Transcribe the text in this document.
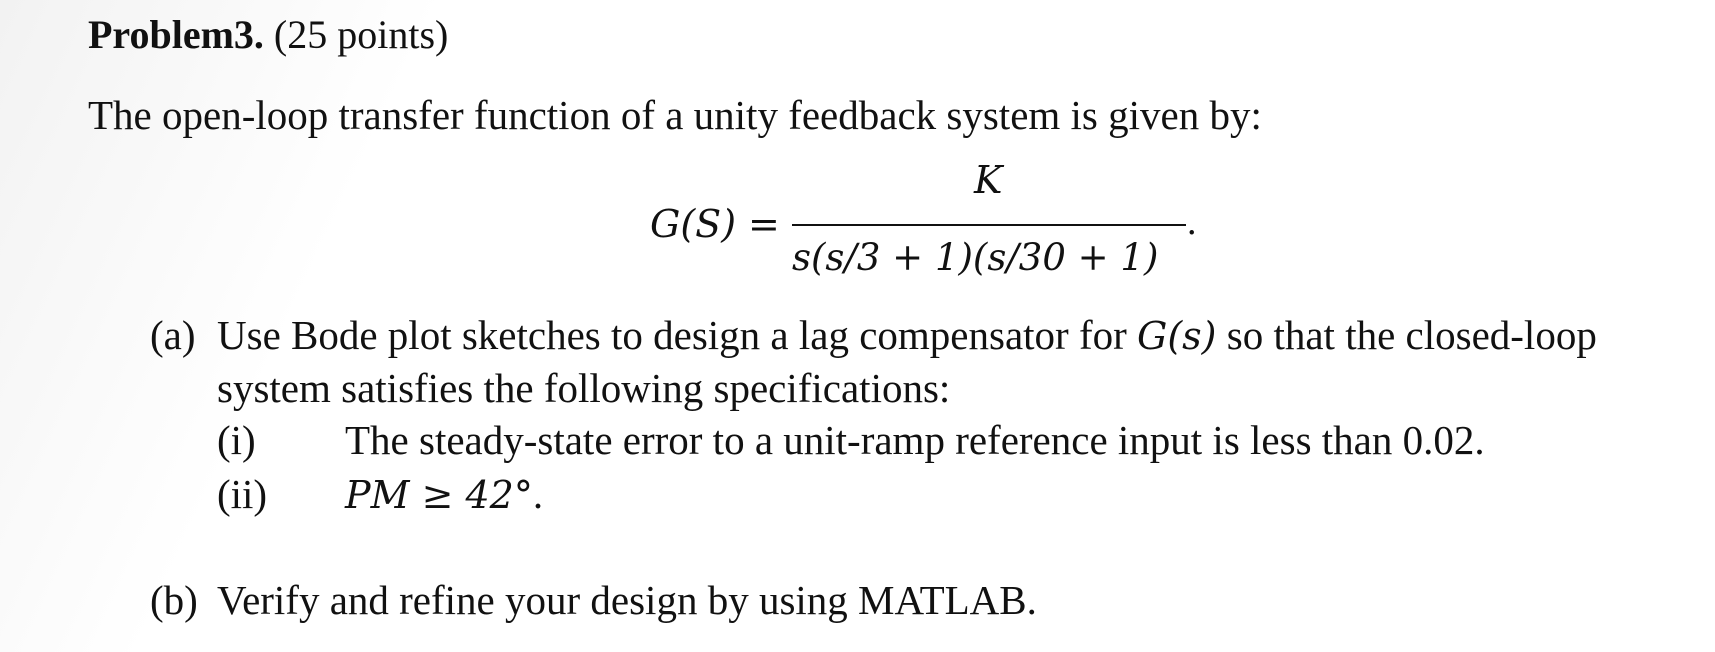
Problem3. (25 points)
The open-loop transfer function of a unity feedback system is given by:
G(S) =
K
s(s/3 + 1)(s/30 + 1)
.
(a) Use Bode plot sketches to design a lag compensator for G(s) so that the closed-loop
system satisfies the following specifications:
(i) The steady-state error to a unit-ramp reference input is less than 0.02.
(ii) PM ≥ 42°.
(b) Verify and refine your design by using MATLAB.
